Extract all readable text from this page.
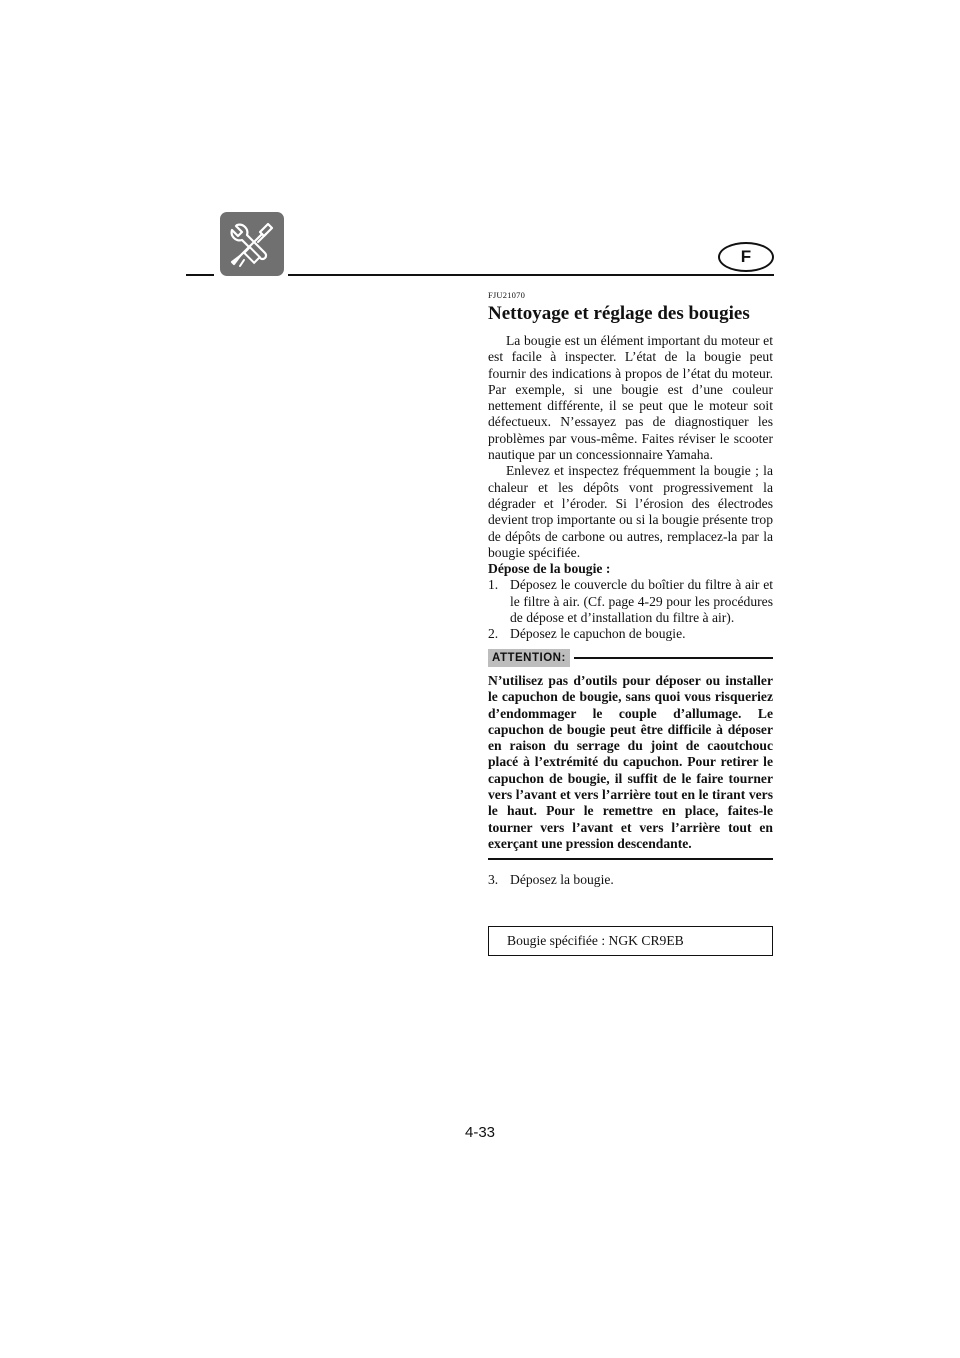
F
FJU21070
Nettoyage et réglage des bougies

La bougie est un élément important du moteur et est facile à inspecter. L’état de la bougie peut fournir des indications à propos de l’état du moteur. Par exemple, si une bougie est d’une couleur nettement différente, il se peut que le moteur soit défectueux. N’essayez pas de diagnostiquer les problèmes par vous-même. Faites réviser le scooter nautique par un concessionnaire Yamaha.

Enlevez et inspectez fréquemment la bougie ; la chaleur et les dépôts vont progressivement la dégrader et l’éroder. Si l’érosion des électrodes devient trop importante ou si la bougie présente trop de dépôts de carbone ou autres, remplacez-la par la bougie spécifiée.

Dépose de la bougie :
1. Déposez le couvercle du boîtier du filtre à air et le filtre à air. (Cf. page 4-29 pour les procédures de dépose et d’installation du filtre à air).
2. Déposez le capuchon de bougie.
ATTENTION:

N’utilisez pas d’outils pour déposer ou installer le capuchon de bougie, sans quoi vous risqueriez d’endommager le couple d’allumage. Le capuchon de bougie peut être difficile à déposer en raison du serrage du joint de caoutchouc placé à l’extrémité du capuchon. Pour retirer le capuchon de bougie, il suffit de le faire tourner vers l’avant et vers l’arrière tout en le tirant vers le haut. Pour le remettre en place, faites-le tourner vers l’avant et vers l’arrière tout en exerçant une pression descendante.

3. Déposez la bougie.
Bougie spécifiée : NGK CR9EB
4-33
